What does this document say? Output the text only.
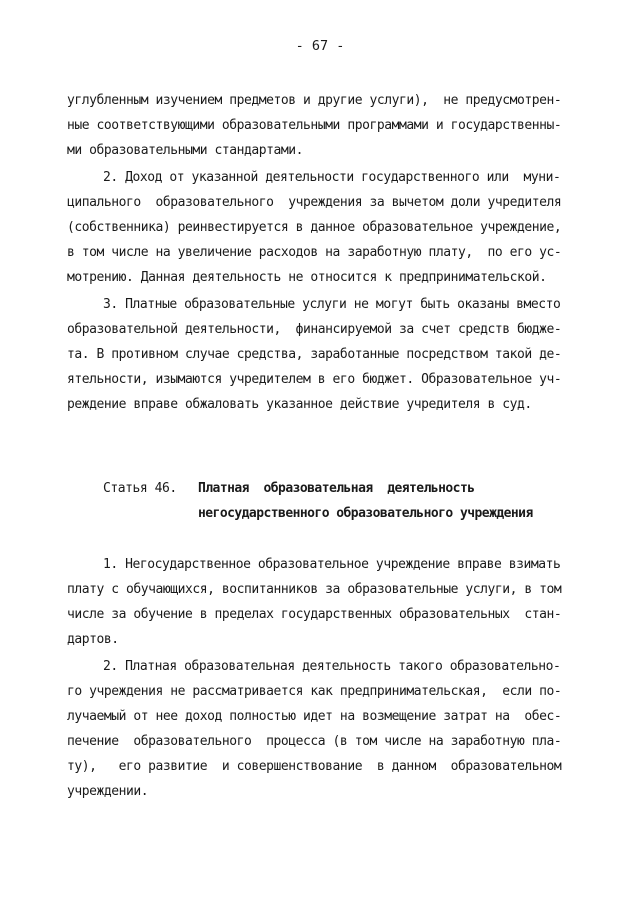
- 67 -
углубленным изучением предметов и другие услуги),  не предусмотрен-
ные соответствующими образовательными программами и государственны-
ми образовательными стандартами.
2. Доход от указанной деятельности государственного или  муни-
ципального  образовательного  учреждения за вычетом доли учредителя
(собственника) реинвестируется в данное образовательное учреждение,
в том числе на увеличение расходов на заработную плату,  по его ус-
мотрению. Данная деятельность не относится к предпринимательской.
3. Платные образовательные услуги не могут быть оказаны вместо
образовательной деятельности,  финансируемой за счет средств бюдже-
та. В противном случае средства, заработанные посредством такой де-
ятельности, изымаются учредителем в его бюджет. Образовательное уч-
реждение вправе обжаловать указанное действие учредителя в суд.
Статья 46. Платная  образовательная  деятельность
негосударственного образовательного учреждения
1. Негосударственное образовательное учреждение вправе взимать
плату с обучающихся, воспитанников за образовательные услуги, в том
числе за обучение в пределах государственных образовательных  стан-
дартов.
2. Платная образовательная деятельность такого образовательно-
го учреждения не рассматривается как предпринимательская,  если по-
лучаемый от нее доход полностью идет на возмещение затрат на  обес-
печение  образовательного  процесса (в том числе на заработную пла-
ту),   его развитие  и совершенствование  в данном  образовательном
учреждении.
